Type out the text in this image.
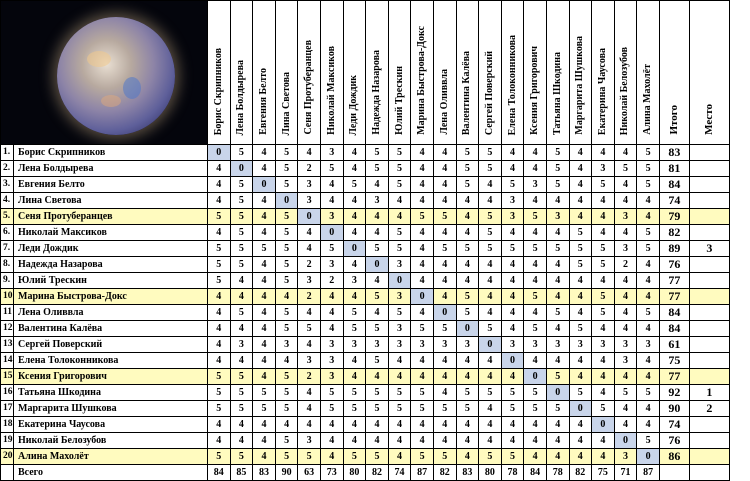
		Борис Скрипников	Лена Болдырева	Евгения Белто	Лина Светова	Сеня Протуберанцев	Николай Максиков	Леди Дождик	Надежда Назарова	Юлий Трескин	Марина Быстрова-Докс	Лена Оливвла	Валентина Калёва	Сергей Поверский	Елена Толоконникова	Ксения Григорович	Татьяна Шкодина	Маргарита Шушкова	Екатерина Чаусова	Николай Белозубов	Алина Махолёт	Итого	Место
1.	Борис Скрипников	0	5	4	5	4	3	4	5	5	4	4	5	5	4	4	5	4	4	4	5	83	
2.	Лена Болдырева	4	0	4	5	2	5	4	5	5	4	4	5	5	4	4	5	4	3	5	5	81	
3.	Евгения Белто	4	5	0	5	3	4	5	4	5	4	4	5	4	5	3	5	4	5	4	5	84	
4.	Лина Светова	4	5	4	0	3	4	4	3	4	4	4	4	4	3	4	4	4	4	4	4	74	
5.	Сеня Протуберанцев	5	5	4	5	0	3	4	4	4	5	5	4	5	3	5	3	4	4	3	4	79	
6.	Николай Максиков	4	5	4	5	4	0	4	4	5	4	4	4	5	4	4	4	5	4	4	5	82	
7.	Леди Дождик	5	5	5	5	4	5	0	5	5	4	5	5	5	5	5	5	5	5	3	5	89	3
8.	Надежда Назарова	5	5	4	5	2	3	4	0	3	4	4	4	4	4	4	4	5	5	2	4	76	
9.	Юлий Трескин	5	4	4	5	3	2	3	4	0	4	4	4	4	4	4	4	4	4	4	4	77	
10	Марина Быстрова-Докс	4	4	4	4	2	4	4	5	3	0	4	5	4	4	5	4	4	5	4	4	77	
11	Лена Оливвла	4	5	4	5	4	4	5	4	5	4	0	5	4	4	4	5	4	5	4	5	84	
12	Валентина Калёва	4	4	4	5	5	4	5	5	3	5	5	0	5	4	5	4	5	4	4	4	84	
13	Сергей Поверский	4	3	4	3	4	3	3	3	3	3	3	3	0	3	3	3	3	3	3	3	61	
14	Елена Толоконникова	4	4	4	4	3	3	4	5	4	4	4	4	4	0	4	4	4	4	3	4	75	
15	Ксения Григорович	5	5	4	5	2	3	4	4	4	4	4	4	4	4	0	5	4	4	4	4	77	
16	Татьяна Шкодина	5	5	5	5	4	5	5	5	5	5	4	5	5	5	5	0	5	4	5	5	92	1
17	Маргарита Шушкова	5	5	5	5	4	5	5	5	5	5	5	5	4	5	5	5	0	5	4	4	90	2
18	Екатерина Чаусова	4	4	4	4	4	4	4	4	4	4	4	4	4	4	4	4	4	0	4	4	74	
19	Николай Белозубов	4	4	4	5	3	4	4	4	4	4	4	4	4	4	4	4	4	4	0	5	76	
20	Алина Махолёт	5	5	4	5	5	4	5	5	4	5	5	4	5	5	4	4	4	4	3	0	86	
	Всего	84	85	83	90	63	73	80	82	74	87	82	83	80	78	84	78	82	75	71	87		
